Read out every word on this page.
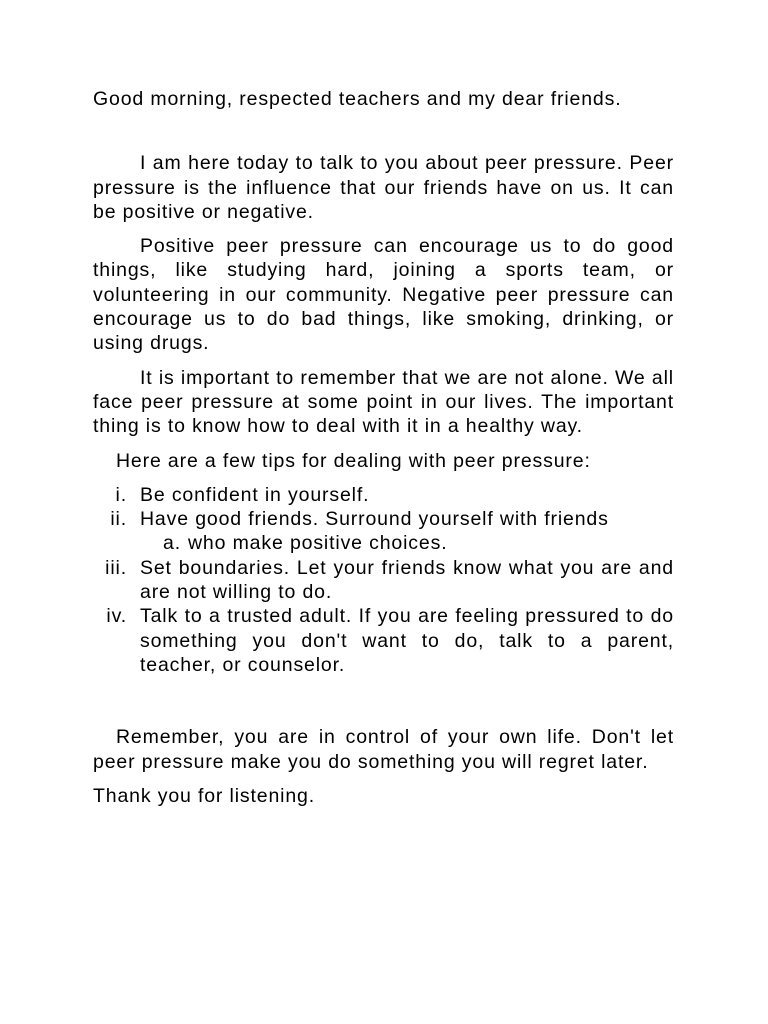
Good morning, respected teachers and my dear friends.

I am here today to talk to you about peer pressure. Peer pressure is the influence that our friends have on us. It can be positive or negative.

Positive peer pressure can encourage us to do good things, like studying hard, joining a sports team, or volunteering in our community. Negative peer pressure can encourage us to do bad things, like smoking, drinking, or using drugs.

It is important to remember that we are not alone. We all face peer pressure at some point in our lives. The important thing is to know how to deal with it in a healthy way.

Here are a few tips for dealing with peer pressure:

i. Be confident in yourself.
ii. Have good friends. Surround yourself with friends
a. who make positive choices.
iii. Set boundaries. Let your friends know what you are and are not willing to do.
iv. Talk to a trusted adult. If you are feeling pressured to do something you don't want to do, talk to a parent, teacher, or counselor.

Remember, you are in control of your own life. Don't let peer pressure make you do something you will regret later.

Thank you for listening.
